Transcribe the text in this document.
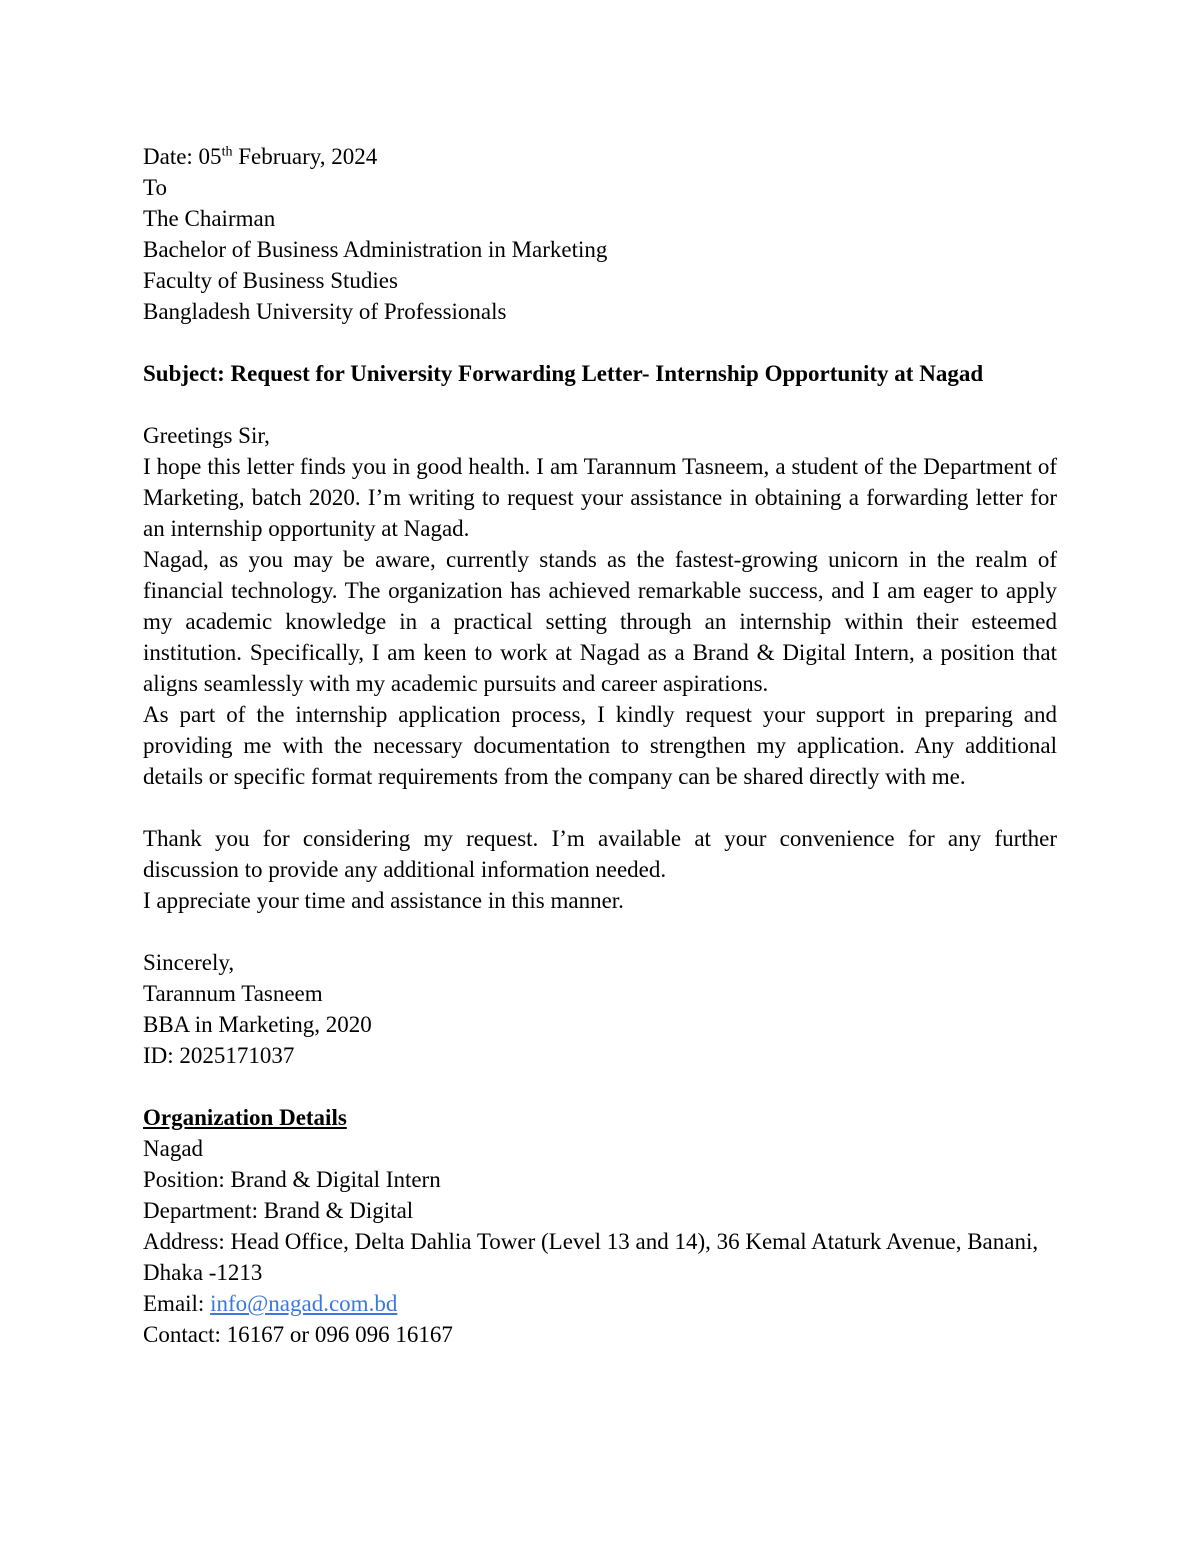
Date: 05th February, 2024
To
The Chairman
Bachelor of Business Administration in Marketing
Faculty of Business Studies
Bangladesh University of Professionals
Subject: Request for University Forwarding Letter- Internship Opportunity at Nagad
Greetings Sir,

I hope this letter finds you in good health. I am Tarannum Tasneem, a student of the Department of Marketing, batch 2020. I’m writing to request your assistance in obtaining a forwarding letter for an internship opportunity at Nagad.

Nagad, as you may be aware, currently stands as the fastest-growing unicorn in the realm of financial technology. The organization has achieved remarkable success, and I am eager to apply my academic knowledge in a practical setting through an internship within their esteemed institution. Specifically, I am keen to work at Nagad as a Brand & Digital Intern, a position that aligns seamlessly with my academic pursuits and career aspirations.

As part of the internship application process, I kindly request your support in preparing and providing me with the necessary documentation to strengthen my application. Any additional details or specific format requirements from the company can be shared directly with me.

Thank you for considering my request. I’m available at your convenience for any further discussion to provide any additional information needed.

I appreciate your time and assistance in this manner.

Sincerely,
Tarannum Tasneem
BBA in Marketing, 2020
ID: 2025171037
Organization Details
Nagad
Position: Brand & Digital Intern
Department: Brand & Digital
Address: Head Office, Delta Dahlia Tower (Level 13 and 14), 36 Kemal Ataturk Avenue, Banani, Dhaka -1213
Email: info@nagad.com.bd
Contact: 16167 or 096 096 16167
